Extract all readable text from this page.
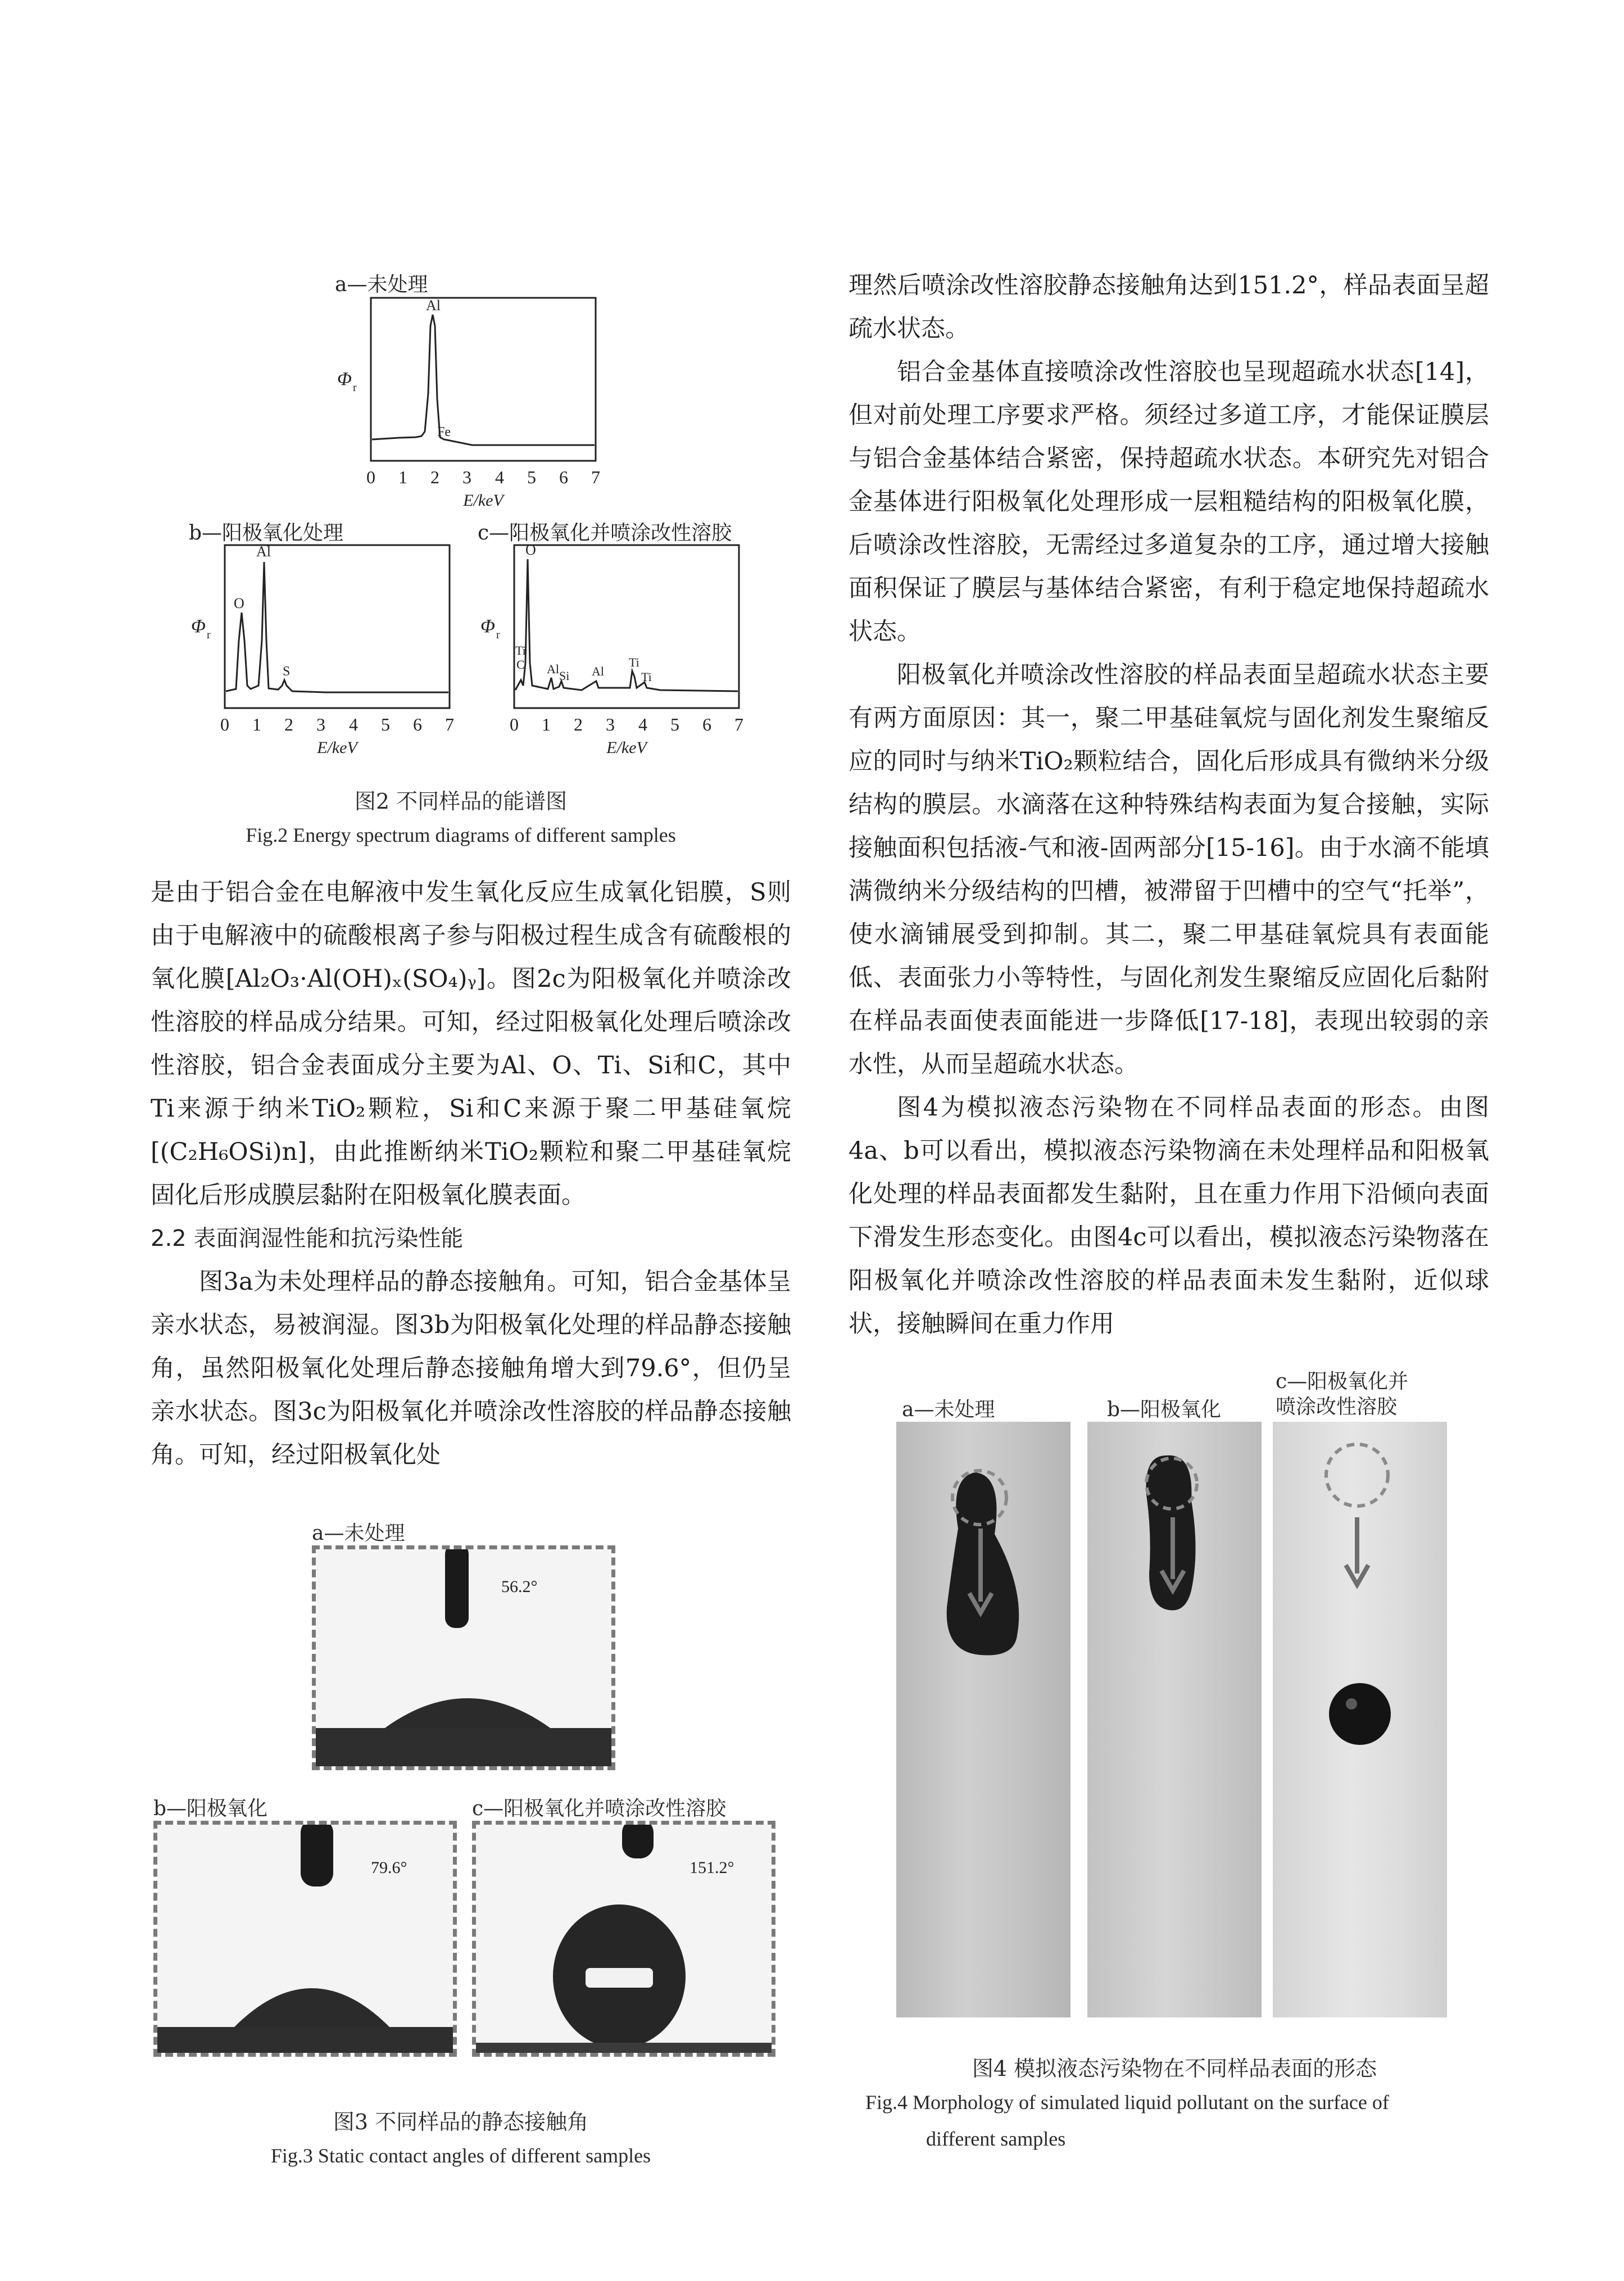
a—未处理
Al
Fe
Φ r
0 1 2 3 4 5 6 7
E/keV
b—阳极氧化处理
O
Al
S
Φ r
0 1 2 3 4 5 6 7
E/keV
c—阳极氧化并喷涂改性溶胶
O
Ti
C Al Si Al
Ti
Ti
Φ r
0 1 2 3 4 5 6 7
E/keV
图2 不同样品的能谱图
Fig.2 Energy spectrum diagrams of different samples

是由于铝合金在电解液中发生氧化反应生成氧化铝膜，S则由于电解液中的硫酸根离子参与阳极过程生成含有硫酸根的氧化膜[Al₂O₃·Al(OH)ₓ(SO₄)ᵧ]。图2c为阳极氧化并喷涂改性溶胶的样品成分结果。可知，经过阳极氧化处理后喷涂改性溶胶，铝合金表面成分主要为Al、O、Ti、Si和C，其中Ti来源于纳米TiO₂颗粒，Si和C来源于聚二甲基硅氧烷[(C₂H₆OSi)n]，由此推断纳米TiO₂颗粒和聚二甲基硅氧烷固化后形成膜层黏附在阳极氧化膜表面。

2.2 表面润湿性能和抗污染性能

图3a为未处理样品的静态接触角。可知，铝合金基体呈亲水状态，易被润湿。图3b为阳极氧化处理的样品静态接触角，虽然阳极氧化处理后静态接触角增大到79.6°，但仍呈亲水状态。图3c为阳极氧化并喷涂改性溶胶的样品静态接触角。可知，经过阳极氧化处

理然后喷涂改性溶胶静态接触角达到151.2°，样品表面呈超疏水状态。

铝合金基体直接喷涂改性溶胶也呈现超疏水状态[14]，但对前处理工序要求严格。须经过多道工序，才能保证膜层与铝合金基体结合紧密，保持超疏水状态。本研究先对铝合金基体进行阳极氧化处理形成一层粗糙结构的阳极氧化膜，后喷涂改性溶胶，无需经过多道复杂的工序，通过增大接触面积保证了膜层与基体结合紧密，有利于稳定地保持超疏水状态。

阳极氧化并喷涂改性溶胶的样品表面呈超疏水状态主要有两方面原因：其一，聚二甲基硅氧烷与固化剂发生聚缩反应的同时与纳米TiO₂颗粒结合，固化后形成具有微纳米分级结构的膜层。水滴落在这种特殊结构表面为复合接触，实际接触面积包括液-气和液-固两部分[15-16]。由于水滴不能填满微纳米分级结构的凹槽，被滞留于凹槽中的空气“托举”，使水滴铺展受到抑制。其二，聚二甲基硅氧烷具有表面能低、表面张力小等特性，与固化剂发生聚缩反应固化后黏附在样品表面使表面能进一步降低[17-18]，表现出较弱的亲水性，从而呈超疏水状态。

图4为模拟液态污染物在不同样品表面的形态。由图4a、b可以看出，模拟液态污染物滴在未处理样品和阳极氧化处理的样品表面都发生黏附，且在重力作用下沿倾向表面下滑发生形态变化。由图4c可以看出，模拟液态污染物落在阳极氧化并喷涂改性溶胶的样品表面未发生黏附，近似球状，接触瞬间在重力作用

a—未处理
56.2°
b—阳极氧化
79.6°
c—阳极氧化并喷涂改性溶胶
151.2°
图3 不同样品的静态接触角
Fig.3 Static contact angles of different samples
a—未处理	b—阳极氧化
c—阳极氧化并
喷涂改性溶胶
图4 模拟液态污染物在不同样品表面的形态
Fig.4 Morphology of simulated liquid pollutant on the surface of
different samples
